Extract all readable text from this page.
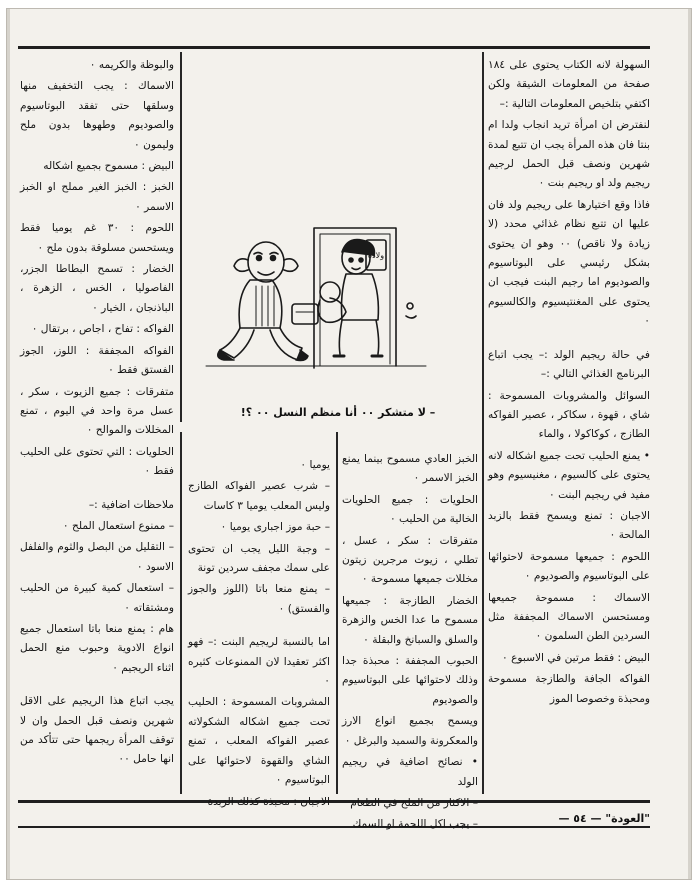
السهولة لانه الكتاب يحتوى على ١٨٤ صفحة من المعلومات الشيقة ولكن اكتفي بتلخيص المعلومات التالية :–

لنفترض ان امرأة تريد انجاب ولدا ام بنتا فان هذه المرأة يجب ان تتبع لمدة شهرين ونصف قبل الحمل لرجيم ريجيم ولد او ريجيم بنت ٠

فاذا وقع اختيارها على ريجيم ولد فان عليها ان تتبع نظام غذائي محدد (لا زيادة ولا ناقص) ٠٠ وهو ان يحتوى بشكل رئيسي على البوتاسيوم والصوديوم اما رجيم البنت فيجب ان يحتوى على المغنتيسيوم والكالسيوم ٠

في حالة ريجيم الولد :– يجب اتباع البرنامج الغذائي التالي :–

السوائل والمشروبات المسموحة : شاي ، قهوة ، سكاكر ، عصير الفواكه الطازج ، كوكاكولا ، والماء

• يمنع الحليب تحت جميع اشكاله لانه يحتوى على كالسيوم ، مغنيسيوم وهو مفيد في ريجيم البنت ٠

الاجبان : تمنع ويسمح فقط بالزبد المالحة ٠

اللحوم : جميعها مسموحة لاحتوائها على البوتاسيوم والصوديوم ٠

الاسماك : مسموحة جميعها ومستحسن الاسماك المجففة مثل السردين الطن السلمون ٠

البيض : فقط مرتين في الاسبوع ٠

الفواكه الجافة والطازجة مسموحة ومحبذة وخصوصا الموز

والبوظة والكريمه ٠

الاسماك : يجب التخفيف منها وسلقها حتى تفقد البوتاسيوم والصوديوم وطهوها بدون ملح وليمون ٠

البيض : مسموح بجميع اشكاله

الخبز : الخبز الغير مملح او الخبز الاسمر ٠

اللحوم : ٣٠ غم يوميا فقط ويستحسن مسلوقة بدون ملح ٠

الخضار : تسمح البطاطا الجزر، الفاصوليا ، الخس ، الزهرة ، الباذنجان ، الخيار ٠

الفواكه : تفاح ، اجاص ، برتقال ٠

الفواكه المجففة : اللوز، الجوز الفستق فقط ٠

متفرقات : جميع الزيوت ، سكر ، عسل مرة واحد في اليوم ، تمنع المخللات والموالح ٠

الحلويات : التي تحتوى على الحليب فقط ٠

ملاحظات اضافية :–

– ممنوع استعمال الملح ٠

– التقليل من البصل والثوم والفلفل الاسود ٠

– استعمال كمية كبيرة من الحليب ومشتقاته ٠

هام : يمنع منعا باتا استعمال جميع انواع الادوية وحبوب منع الحمل اثناء الريجيم ٠

يجب اتباع هذا الريجيم على الاقل شهرين ونصف قبل الحمل وان لا توقف المرأة ريجمها حتى تتأكد من انها حامل ٠٠

الخبز العادي مسموح بينما يمنع الخبز الاسمر ٠

الحلويات : جميع الحلويات الخالية من الحليب ٠

متفرقات : سكر ، عسل ، تطلي ، زيوت مرجرين زيتون مخللات جميعها مسموحة ٠

الخضار الطازجة : جميعها مسموح ما عدا الخس والزهرة والسلق والسبانخ والبقلة ٠

الحبوب المجففة : محبذة جدا وذلك لاحتوائها على البوتاسيوم والصوديوم

ويسمح بجميع انواع الارز والمعكرونة والسميد والبرغل ٠

• نصائح اضافية في ريجيم الولد

– الاكثار من الملح في الطعام

– يجب اكل اللحمة او السمك

يوميا ٠

– شرب عصير الفواكه الطازج وليس المعلب يوميا ٣ كاسات

– حبة موز اجبارى يوميا ٠

– وجبة الليل يجب ان تحتوى على سمك مجفف سردين تونة

– يمنع منعا باتا (اللوز والجوز والفستق) ٠

اما بالنسبة لريجيم البنت :– فهو اكثر تعقيدا لان الممنوعات كثيره ٠

المشروبات المسموحة : الحليب تحت جميع اشكاله الشكولاته عصير الفواكه المعلب ، تمنع الشاي والقهوة لاحتوائها على البوتاسيوم ٠

الاجبان : محبذة كذلك الزبدة

ولاده
– لا متشكر ٠٠ أنا منظم النسل ٠٠ ؟!
"العودة" — ٥٤ —
